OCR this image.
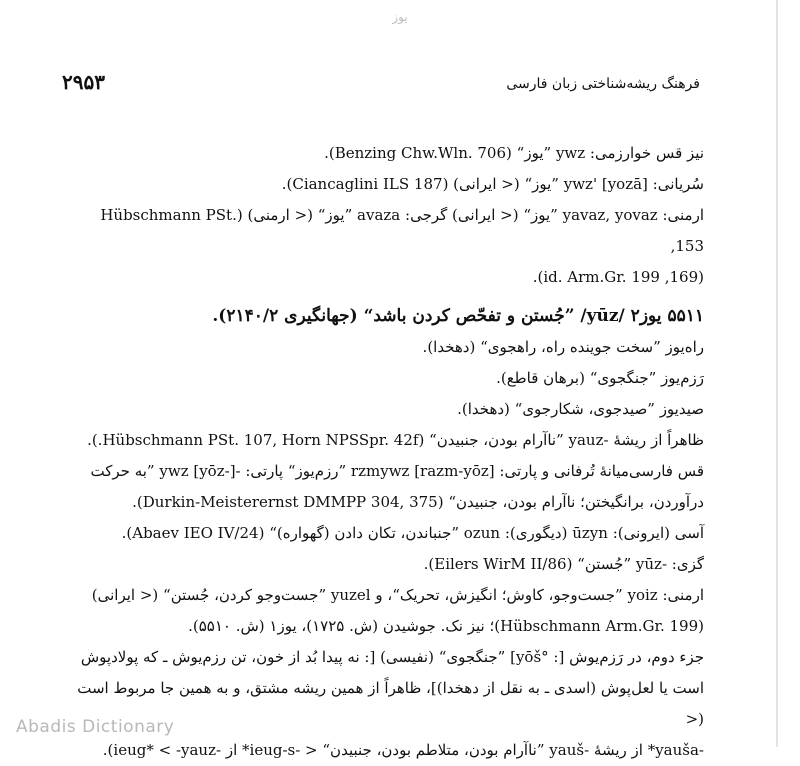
یوز
فرهنگ ریشه‌شناختی زبان فارسی
۲۹۵۳

نیز قس خوارزمی: ywz ”یوز“ (Benzing Chw.Wln. 706).

سُریانی: ywz' [yozā] ”یوز“ (< ایرانی) (Ciancaglini ILS 187).

ارمنی: yavaz, yovaz ”یوز“ (< ایرانی) گرجی: avaza ”یوز“ (< ارمنی) (Hübschmann PSt. 153,

(169, id. Arm.Gr. 199).

۵۵۱۱ یوز۲ /yūz/ ”جُستن و تفحّص کردن باشد“ (جهانگیری ۲۱۴۰/۲).

راه‌یوز ”سخت جوینده راه، راهجوی“ (دهخدا).

رَزم‌یوز ”جنگجوی“ (برهان قاطع).

صیدیوز ”صیدجوی، شکارجوی“ (دهخدا).

ظاهراً از ریشهٔ -yauz ”ناآرام بودن، جنبیدن“ (Hübschmann PSt. 107, Horn NPSSpr. 42f.).

قس فارسی‌میانهٔ تُرفانی و پارتی: rzmywz [razm-yōz] ”رزم‌یوز“ پارتی: -ywz [yōz-] ”به حرکت

درآوردن، برانگیختن؛ ناآرام بودن، جنبیدن“ (Durkin-Meisterernst DMMPP 304, 375).

آسی (ایرونی): ūzyn (دیگوری): ozun ”جنباندن، تکان دادن (گهواره)“ (Abaev IEO IV/24).

گزی: -yūz ”جُستن“ (Eilers WirM II/86).

ارمنی: yoiz ”جست‌وجو، کاوش؛ انگیزش، تحریک“، و yuzel ”جست‌وجو کردن، جُستن“ (< ایرانی)

(Hübschmann Arm.Gr. 199)؛ نیز نک. جوشیدن (ش. ۱۷۲۵)، یوز۱ (ش. ۵۵۱۰).

جزء دوم، در رَزم‌یوش [: °yōš] ”جنگجوی“ (نفیسی) [: نه پیدا بُد از خون، تن رزم‌یوش ـ که پولادپوش

است یا لعل‌پوش (اسدی ـ به نقل از دهخدا)]، ظاهراً از همین ریشه مشتق، و به همین جا مربوط است (<

-yauša* از ریشهٔ -yauš ”ناآرام بودن، متلاطم بودن، جنبیدن“ < -ieug-s* از -ieug* < -yauz).

Abadis Dictionary
